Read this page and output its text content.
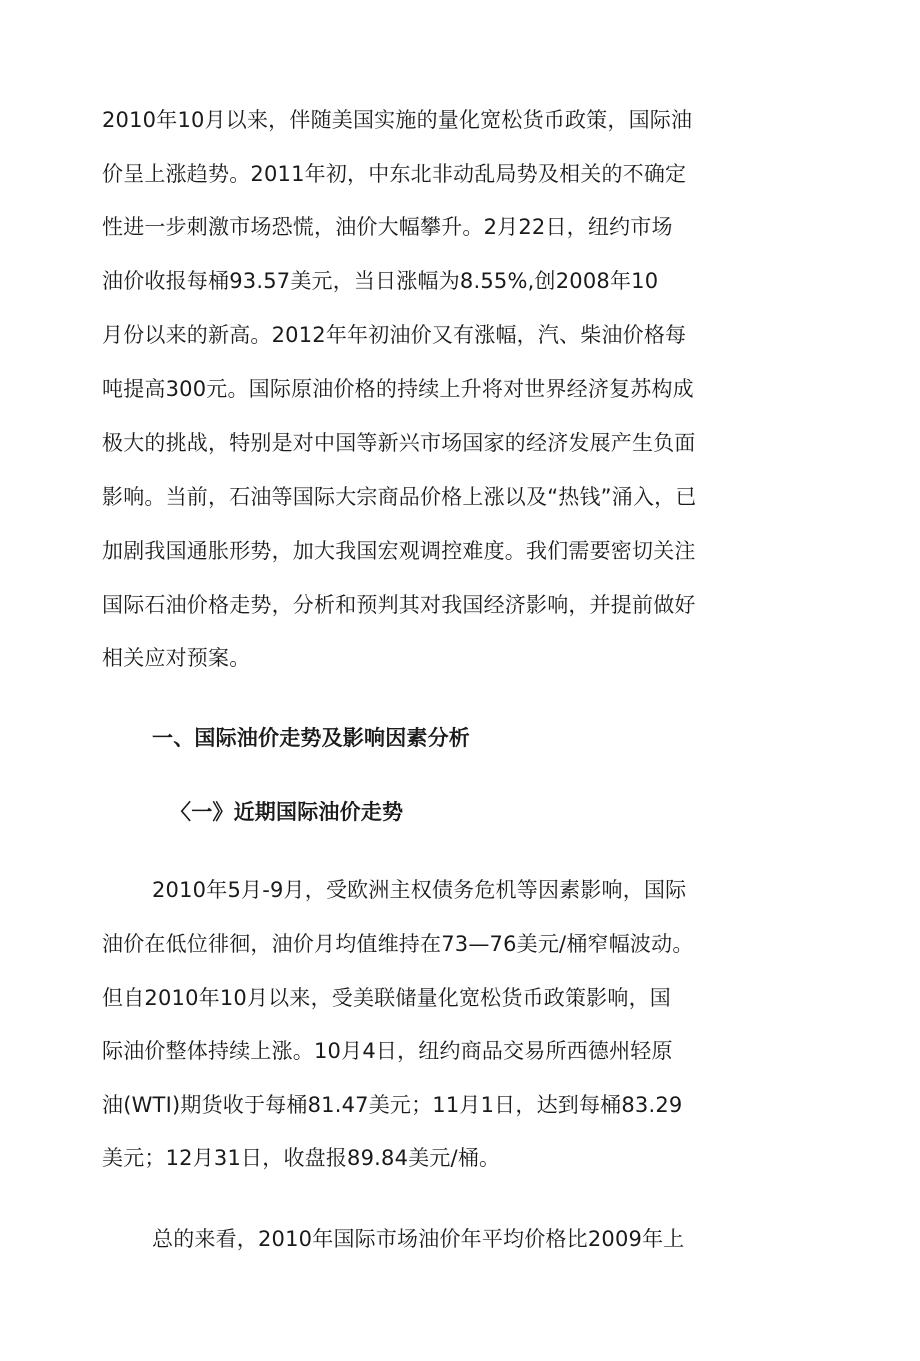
2010年10月以来，伴随美国实施的量化宽松货币政策，国际油
价呈上涨趋势。2011年初，中东北非动乱局势及相关的不确定
性进一步刺激市场恐慌，油价大幅攀升。2月22日，纽约市场
油价收报每桶93.57美元，当日涨幅为8.55%,创2008年10
月份以来的新高。2012年年初油价又有涨幅，汽、柴油价格每
吨提高300元。国际原油价格的持续上升将对世界经济复苏构成
极大的挑战，特别是对中国等新兴市场国家的经济发展产生负面
影响。当前，石油等国际大宗商品价格上涨以及“热钱”涌入，已
加剧我国通胀形势，加大我国宏观调控难度。我们需要密切关注
国际石油价格走势，分析和预判其对我国经济影响，并提前做好
相关应对预案。
一、国际油价走势及影响因素分析
〈一》近期国际油价走势
2010年5月-9月，受欧洲主权债务危机等因素影响，国际
油价在低位徘徊，油价月均值维持在73—76美元/桶窄幅波动。
但自2010年10月以来，受美联储量化宽松货币政策影响，国
际油价整体持续上涨。10月4日，纽约商品交易所西德州轻原
油(WTI)期货收于每桶81.47美元；11月1日，达到每桶83.29
美元；12月31日，收盘报89.84美元/桶。
总的来看，2010年国际市场油价年平均价格比2009年上
